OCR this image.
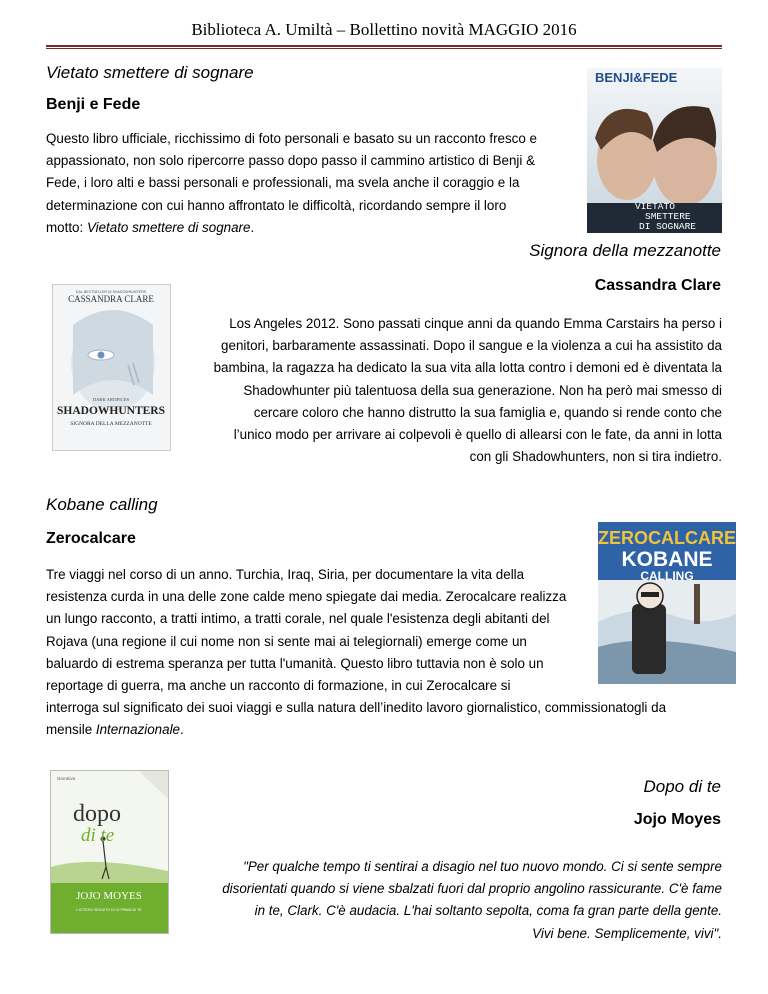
Biblioteca A. Umiltà – Bollettino novità MAGGIO 2016
Vietato smettere di sognare
Benji e Fede
Questo libro ufficiale, ricchissimo di foto personali e basato su un racconto fresco e
appassionato, non solo ripercorre passo dopo passo il cammino artistico di Benji &
Fede, i loro alti e bassi personali e professionali, ma svela anche il coraggio e la
determinazione con cui hanno affrontato le difficoltà, ricordando sempre il loro
motto: Vietato smettere di sognare.
BENJI&FEDE
VIETATO
SMETTERE
DI SOGNARE
Signora della mezzanotte
Cassandra Clare
Los Angeles 2012. Sono passati cinque anni da quando Emma Carstairs ha perso i
genitori, barbaramente assassinati. Dopo il sangue e la violenza a cui ha assistito da
bambina, la ragazza ha dedicato la sua vita alla lotta contro i demoni ed è diventata la
Shadowhunter più talentuosa della sua generazione. Non ha però mai smesso di
cercare coloro che hanno distrutto la sua famiglia e, quando si rende conto che
l’unico modo per arrivare ai colpevoli è quello di allearsi con le fate, da anni in lotta
con gli Shadowhunters, non si tira indietro.
DAL BESTSELLER DI SHADOWHUNTERS
CASSANDRA CLARE
DARK ARTIFICES
SHADOWHUNTERS
SIGNORA DELLA MEZZANOTTE
Kobane calling
Zerocalcare
Tre viaggi nel corso di un anno. Turchia, Iraq, Siria, per documentare la vita della
resistenza curda in una delle zone calde meno spiegate dai media. Zerocalcare realizza
un lungo racconto, a tratti intimo, a tratti corale, nel quale l'esistenza degli abitanti del
Rojava (una regione il cui nome non si sente mai ai telegiornali) emerge come un
baluardo di estrema speranza per tutta l'umanità. Questo libro tuttavia non è solo un
reportage di guerra, ma anche un racconto di formazione, in cui Zerocalcare si
interroga sul significato dei suoi viaggi e sulla natura dell’inedito lavoro giornalistico, commissionatogli da
mensile Internazionale.
ZEROCALCARE
KOBANE
CALLING
Dopo di te
Jojo Moyes
"Per qualche tempo ti sentirai a disagio nel tuo nuovo mondo. Ci si sente sempre
disorientati quando si viene sbalzati fuori dal proprio angolino rassicurante. C'è fame
in te, Clark. C'è audacia. L'hai soltanto sepolta, coma fa gran parte della gente.
Vivi bene. Semplicemente, vivi".
Narrativa
dopo
di te
JOJO MOYES
L'ATTESO SEGUITO DI IO PRIMA DI TE
